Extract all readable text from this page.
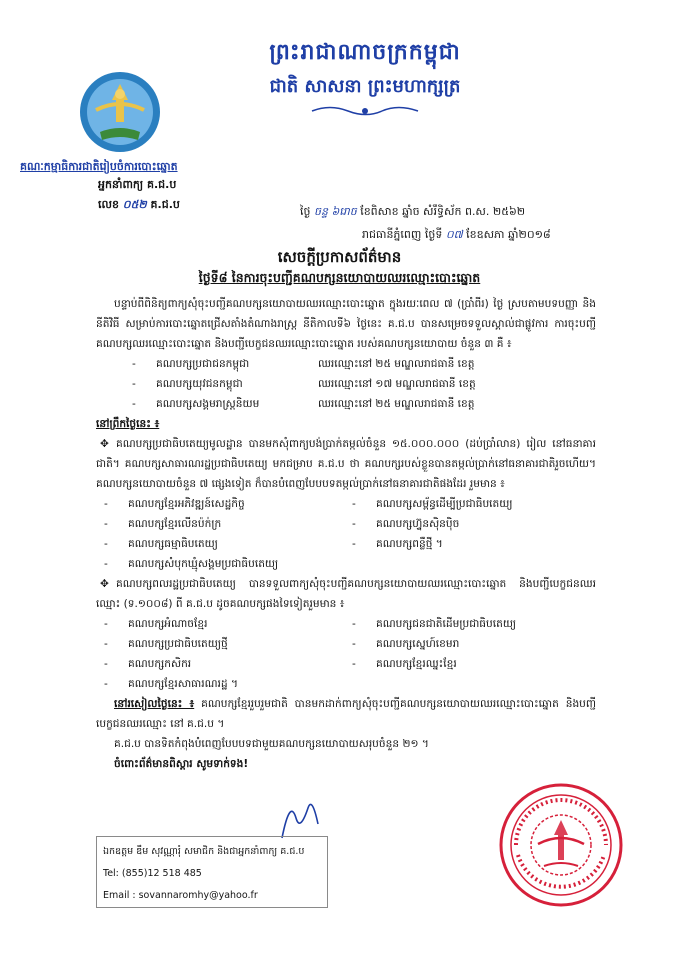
ព្រះរាជាណាចក្រកម្ពុជា
ជាតិ សាសនា ព្រះមហាក្សត្រ
គណៈកម្មាធិការជាតិរៀបចំការបោះឆ្នោត
អ្នកនាំពាក្យ គ.ជ.ប
លេខ ០៥២ គ.ជ.ប
ថ្ងៃ ចន្ទ ៦រោច ខែពិសាខ ឆ្នាំច សំរឹទ្ធិស័ក ព.ស. ២៥៦២
រាជធានីភ្នំពេញ ថ្ងៃទី ០៧ ខែឧសភា ឆ្នាំ២០១៨
សេចក្ដីប្រកាសព័ត៌មាន
ថ្ងៃទី៨ នៃការចុះបញ្ជីគណបក្សនយោបាយឈរឈ្មោះបោះឆ្នោត

បន្ទាប់ពីពិនិត្យពាក្យសុំចុះបញ្ជីគណបក្សនយោបាយឈរឈ្មោះបោះឆ្នោត ក្នុងរយៈពេល ៧ (ប្រាំពីរ) ថ្ងៃ ស្របតាមបទបញ្ញា និងនីតិវិធី សម្រាប់ការបោះឆ្នោតជ្រើសតាំងតំណាងរាស្ត្រ នីតិកាលទី៦ ថ្ងៃនេះ គ.ជ.ប បានសម្រេចទទួលស្គាល់ជាផ្លូវការ ការចុះបញ្ជីគណបក្សឈរឈ្មោះបោះឆ្នោត និងបញ្ជីបេក្ខជនឈរឈ្មោះបោះឆ្នោត របស់គណបក្សនយោបាយ ចំនួន ៣ គឺ ៖

- គណបក្សប្រជាជនកម្ពុជា	ឈរឈ្មោះនៅ ២៥ មណ្ឌលរាជធានី ខេត្ត
- គណបក្សយុវជនកម្ពុជា	ឈរឈ្មោះនៅ ១៧ មណ្ឌលរាជធានី ខេត្ត
- គណបក្សសង្គមរាស្ត្រនិយម	ឈរឈ្មោះនៅ ២៥ មណ្ឌលរាជធានី ខេត្ត

នៅព្រឹកថ្ងៃនេះ ៖

✥ គណបក្សប្រជាធិបតេយ្យមូលដ្ឋាន បានមកសុំពាក្យបង់ប្រាក់តម្កល់ចំនួន ១៥.០០០.០០០ (ដប់ប្រាំលាន) រៀល នៅធនាគារជាតិ។ គណបក្សសាធារណរដ្ឋប្រជាធិបតេយ្យ មកជម្រាប គ.ជ.ប ថា គណបក្សរបស់ខ្លួនបានតម្កល់ប្រាក់នៅធនាគារជាតិរួចហើយ។ គណបក្សនយោបាយចំនួន ៧ ផ្សេងទៀត ក៏បានបំពេញបែបបទតម្កល់ប្រាក់នៅធនាគារជាតិផងដែរ រួមមាន ៖

- គណបក្សខ្មែរអភិវឌ្ឍន៍សេដ្ឋកិច្ច	- គណបក្សសម្ព័ន្ធដើម្បីប្រជាធិបតេយ្យ
- គណបក្សខ្មែរលើនប៉ក់ក្រ	- គណបក្សហ្វ៊ុនស៊ិនប៉ិច
- គណបក្សធម្មាធិបតេយ្យ	- គណបក្សពន្លឺថ្មី ។
- គណបក្សសំបុកឃ្មុំសង្គមប្រជាធិបតេយ្យ

✥ គណបក្សពលរដ្ឋប្រជាធិបតេយ្យ បានទទួលពាក្យសុំចុះបញ្ជីគណបក្សនយោបាយឈរឈ្មោះបោះឆ្នោត និងបញ្ជីបេក្ខជនឈរឈ្មោះ (ទ.១០០៨) ពី គ.ជ.ប ដូចគណបក្សផងទៃទៀតរួមមាន ៖

- គណបក្សអំណាចខ្មែរ	- គណបក្សជនជាតិដើមប្រជាធិបតេយ្យ
- គណបក្សប្រជាធិបតេយ្យថ្មី	- គណបក្សស្នេហ៍ខេមរា
- គណបក្សកសិករ	- គណបក្សខ្មែរឈ្នះខ្មែរ
- គណបក្សខ្មែរសាធារណរដ្ឋ ។

នៅរសៀលថ្ងៃនេះ ៖ គណបក្សខ្មែររួបរួមជាតិ បានមកដាក់ពាក្យសុំចុះបញ្ជីគណបក្សនយោបាយឈរឈ្មោះបោះឆ្នោត និងបញ្ជីបេក្ខជនឈរឈ្មោះ នៅ គ.ជ.ប ។

គ.ជ.ប បានទិតកំពុងបំពេញបែបបទជាមួយគណបក្សនយោបាយសរុបចំនួន ២១ ។

ចំពោះព័ត៌មានពិស្តារ សូមទាក់ទង!

ឯកឧត្តម ឌឹម សុវណ្ណារុំ សមាជិក និងជាអ្នកនាំពាក្យ គ.ជ.ប
Tel: (855)12 518 485
Email : sovannaromhy@yahoo.fr
